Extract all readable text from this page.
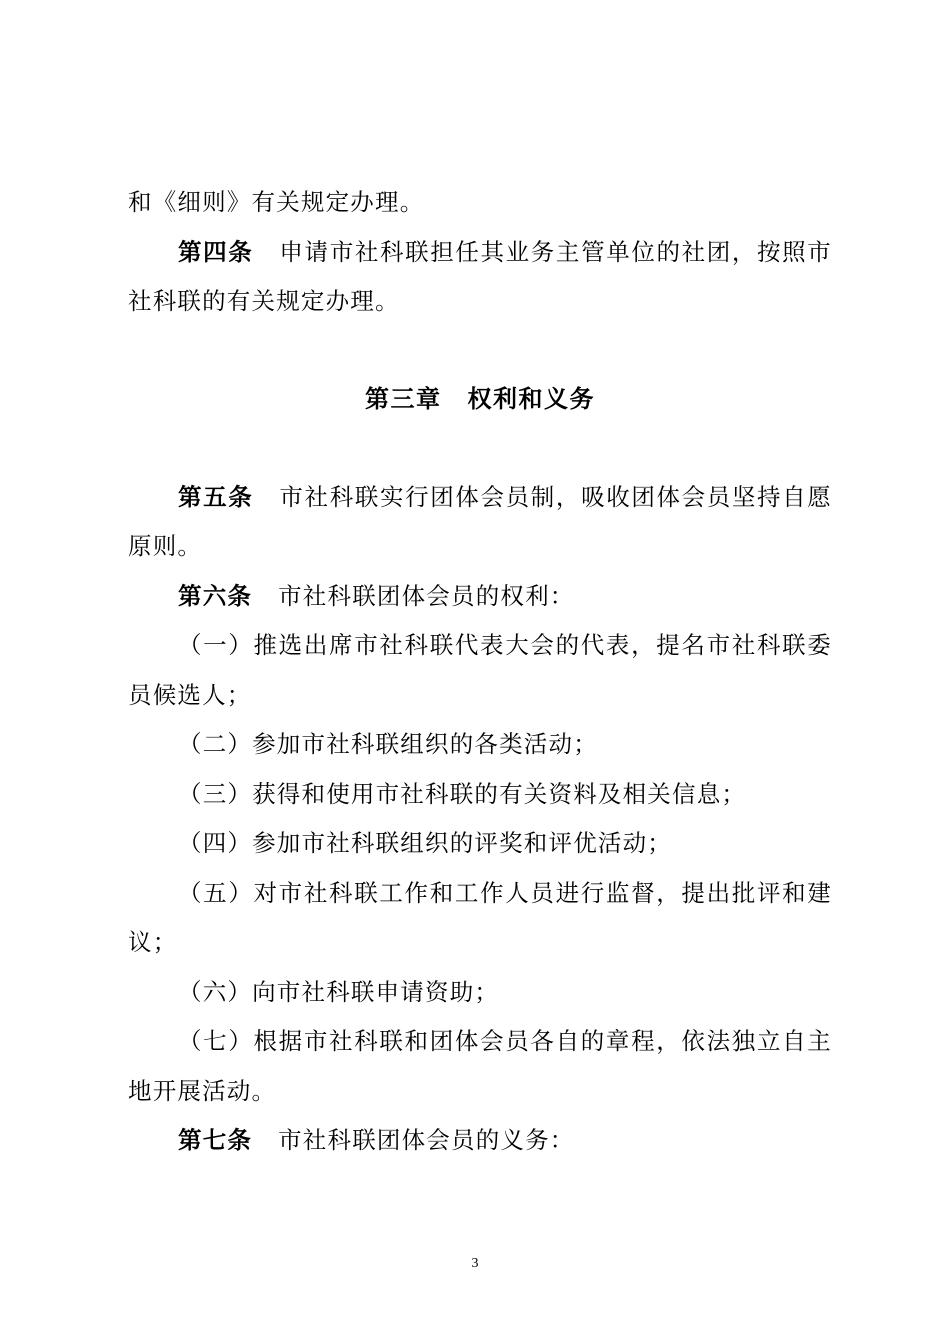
和《细则》有关规定办理。

第四条 申请市社科联担任其业务主管单位的社团，按照市社科联的有关规定办理。

第三章 权利和义务

第五条 市社科联实行团体会员制，吸收团体会员坚持自愿原则。

第六条 市社科联团体会员的权利：

（一）推选出席市社科联代表大会的代表，提名市社科联委员候选人；

（二）参加市社科联组织的各类活动；

（三）获得和使用市社科联的有关资料及相关信息；

（四）参加市社科联组织的评奖和评优活动；

（五）对市社科联工作和工作人员进行监督，提出批评和建议；

（六）向市社科联申请资助；

（七）根据市社科联和团体会员各自的章程，依法独立自主地开展活动。

第七条 市社科联团体会员的义务：

3
